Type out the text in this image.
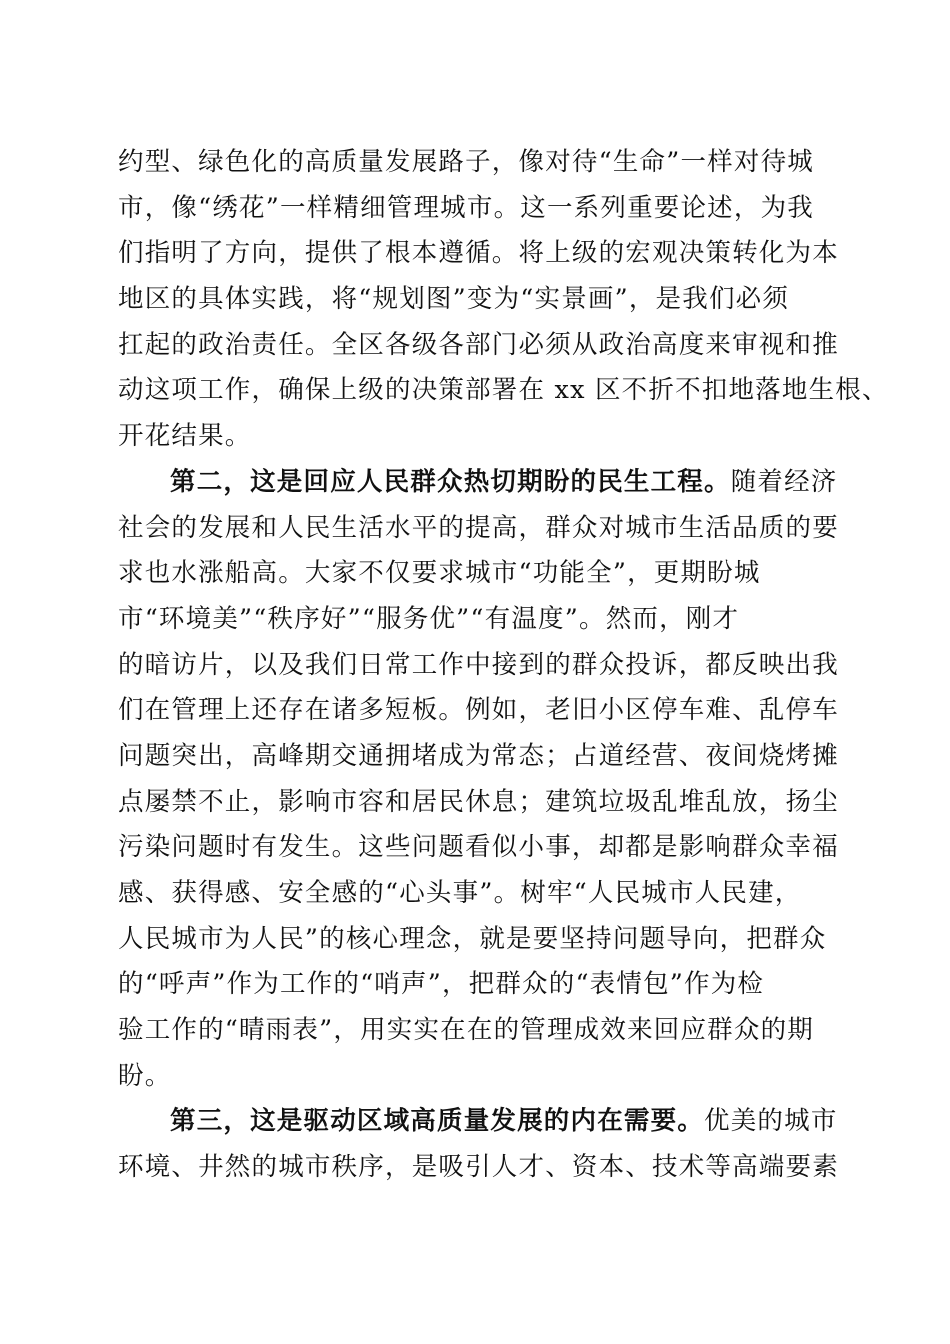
约型、绿色化的高质量发展路子，像对待“生命”一样对待城
市，像“绣花”一样精细管理城市。这一系列重要论述，为我
们指明了方向，提供了根本遵循。将上级的宏观决策转化为本
地区的具体实践，将“规划图”变为“实景画”，是我们必须
扛起的政治责任。全区各级各部门必须从政治高度来审视和推
动这项工作，确保上级的决策部署在 xx 区不折不扣地落地生根、
开花结果。
第二，这是回应人民群众热切期盼的民生工程。随着经济
社会的发展和人民生活水平的提高，群众对城市生活品质的要
求也水涨船高。大家不仅要求城市“功能全”，更期盼城
市“环境美”“秩序好”“服务优”“有温度”。然而，刚才
的暗访片，以及我们日常工作中接到的群众投诉，都反映出我
们在管理上还存在诸多短板。例如，老旧小区停车难、乱停车
问题突出，高峰期交通拥堵成为常态；占道经营、夜间烧烤摊
点屡禁不止，影响市容和居民休息；建筑垃圾乱堆乱放，扬尘
污染问题时有发生。这些问题看似小事，却都是影响群众幸福
感、获得感、安全感的“心头事”。树牢“人民城市人民建，
人民城市为人民”的核心理念，就是要坚持问题导向，把群众
的“呼声”作为工作的“哨声”，把群众的“表情包”作为检
验工作的“晴雨表”，用实实在在的管理成效来回应群众的期
盼。
第三，这是驱动区域高质量发展的内在需要。优美的城市
环境、井然的城市秩序，是吸引人才、资本、技术等高端要素
